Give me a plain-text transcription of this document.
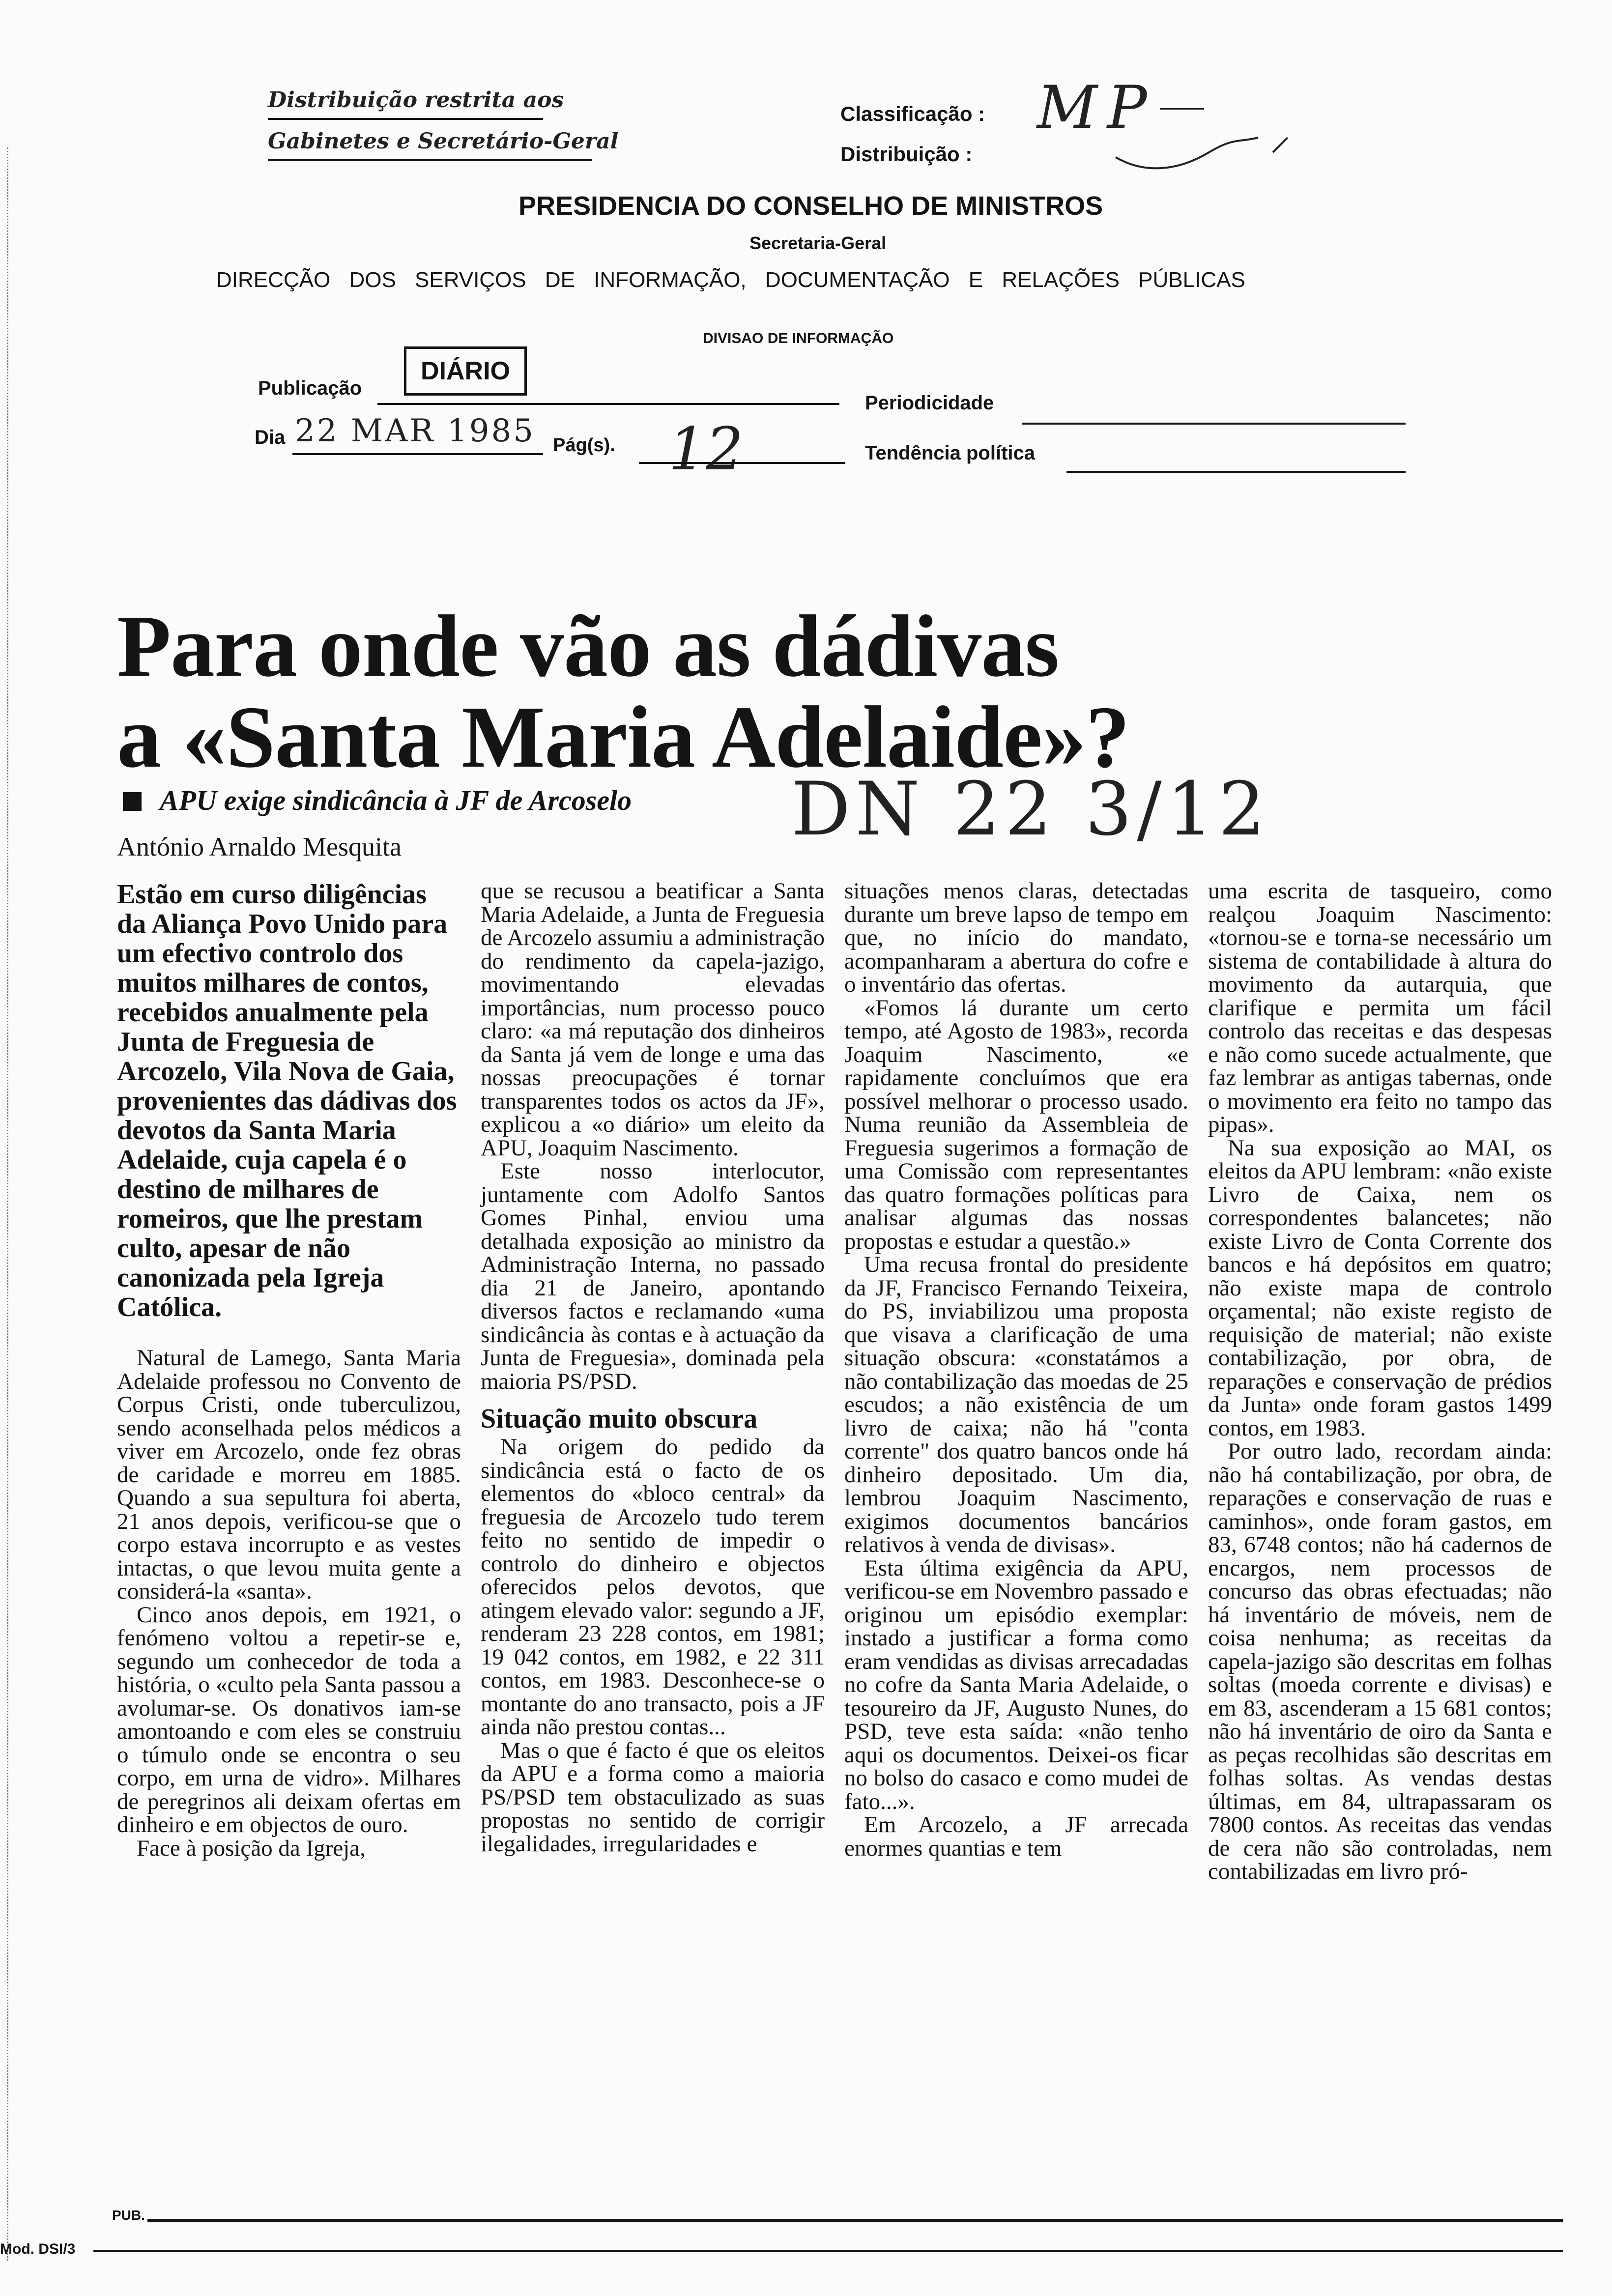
Distribuição restrita aos
Gabinetes e Secretário-Geral
Classificação : MP
Distribuição :
PRESIDENCIA DO CONSELHO DE MINISTROS
Secretaria-Geral
DIRECÇÃO DOS SERVIÇOS DE INFORMAÇÃO, DOCUMENTAÇÃO E RELAÇÕES PÚBLICAS
DIVISAO DE INFORMAÇÃO
Publicação
DIÁRIO
Periodicidade
Dia 22 MAR 1985 Pág(s). 12	Tendência política
Para onde vão as dádivas
a «Santa Maria Adelaide»?
APU exige sindicância à JF de Arcoselo DN 22 3/12
António Arnaldo Mesquita

Estão em curso diligências da Aliança Povo Unido para um efectivo controlo dos muitos milhares de contos, recebidos anualmente pela Junta de Freguesia de Arcozelo, Vila Nova de Gaia, provenientes das dádivas dos devotos da Santa Maria Adelaide, cuja capela é o destino de milhares de romeiros, que lhe prestam culto, apesar de não canonizada pela Igreja Católica.

Natural de Lamego, Santa Maria Adelaide professou no Convento de Corpus Cristi, onde tuberculizou, sendo aconselhada pelos médicos a viver em Arcozelo, onde fez obras de caridade e morreu em 1885. Quando a sua sepultura foi aberta, 21 anos depois, verificou-se que o corpo estava incorrupto e as vestes intactas, o que levou muita gente a considerá-la «santa».

Cinco anos depois, em 1921, o fenómeno voltou a repetir-se e, segundo um conhecedor de toda a história, o «culto pela Santa passou a avolumar-se. Os donativos iam-se amontoando e com eles se construiu o túmulo onde se encontra o seu corpo, em urna de vidro». Milhares de peregrinos ali deixam ofertas em dinheiro e em objectos de ouro.

Face à posição da Igreja,

que se recusou a beatificar a Santa Maria Adelaide, a Junta de Freguesia de Arcozelo assumiu a administração do rendimento da capela-jazigo, movimentando elevadas importâncias, num processo pouco claro: «a má reputação dos dinheiros da Santa já vem de longe e uma das nossas preocupações é tornar transparentes todos os actos da JF», explicou a «o diário» um eleito da APU, Joaquim Nascimento.

Este nosso interlocutor, juntamente com Adolfo Santos Gomes Pinhal, enviou uma detalhada exposição ao ministro da Administração Interna, no passado dia 21 de Janeiro, apontando diversos factos e reclamando «uma sindicância às contas e à actuação da Junta de Freguesia», dominada pela maioria PS/PSD.

Situação muito obscura

Na origem do pedido da sindicância está o facto de os elementos do «bloco central» da freguesia de Arcozelo tudo terem feito no sentido de impedir o controlo do dinheiro e objectos oferecidos pelos devotos, que atingem elevado valor: segundo a JF, renderam 23 228 contos, em 1981; 19 042 contos, em 1982, e 22 311 contos, em 1983. Desconhece-se o montante do ano transacto, pois a JF ainda não prestou contas...

Mas o que é facto é que os eleitos da APU e a forma como a maioria PS/PSD tem obstaculizado as suas propostas no sentido de corrigir ilegalidades, irregularidades e

situações menos claras, detectadas durante um breve lapso de tempo em que, no início do mandato, acompanharam a abertura do cofre e o inventário das ofertas.

«Fomos lá durante um certo tempo, até Agosto de 1983», recorda Joaquim Nascimento, «e rapidamente concluímos que era possível melhorar o processo usado. Numa reunião da Assembleia de Freguesia sugerimos a formação de uma Comissão com representantes das quatro formações políticas para analisar algumas das nossas propostas e estudar a questão.»

Uma recusa frontal do presidente da JF, Francisco Fernando Teixeira, do PS, inviabilizou uma proposta que visava a clarificação de uma situação obscura: «constatámos a não contabilização das moedas de 25 escudos; a não existência de um livro de caixa; não há "conta corrente" dos quatro bancos onde há dinheiro depositado. Um dia, lembrou Joaquim Nascimento, exigimos documentos bancários relativos à venda de divisas».

Esta última exigência da APU, verificou-se em Novembro passado e originou um episódio exemplar: instado a justificar a forma como eram vendidas as divisas arrecadadas no cofre da Santa Maria Adelaide, o tesoureiro da JF, Augusto Nunes, do PSD, teve esta saída: «não tenho aqui os documentos. Deixei-os ficar no bolso do casaco e como mudei de fato...».

Em Arcozelo, a JF arrecada enormes quantias e tem

uma escrita de tasqueiro, como realçou Joaquim Nascimento: «tornou-se e torna-se necessário um sistema de contabilidade à altura do movimento da autarquia, que clarifique e permita um fácil controlo das receitas e das despesas e não como sucede actualmente, que faz lembrar as antigas tabernas, onde o movimento era feito no tampo das pipas».

Na sua exposição ao MAI, os eleitos da APU lembram: «não existe Livro de Caixa, nem os correspondentes balancetes; não existe Livro de Conta Corrente dos bancos e há depósitos em quatro; não existe mapa de controlo orçamental; não existe registo de requisição de material; não existe contabilização, por obra, de reparações e conservação de prédios da Junta» onde foram gastos 1499 contos, em 1983.

Por outro lado, recordam ainda: não há contabilização, por obra, de reparações e conservação de ruas e caminhos», onde foram gastos, em 83, 6748 contos; não há cadernos de encargos, nem processos de concurso das obras efectuadas; não há inventário de móveis, nem de coisa nenhuma; as receitas da capela-jazigo são descritas em folhas soltas (moeda corrente e divisas) e em 83, ascenderam a 15 681 contos; não há inventário de oiro da Santa e as peças recolhidas são descritas em folhas soltas. As vendas destas últimas, em 84, ultrapassaram os 7800 contos. As receitas das vendas de cera não são controladas, nem contabilizadas em livro pró-

PUB.
Mod. DSI/3
